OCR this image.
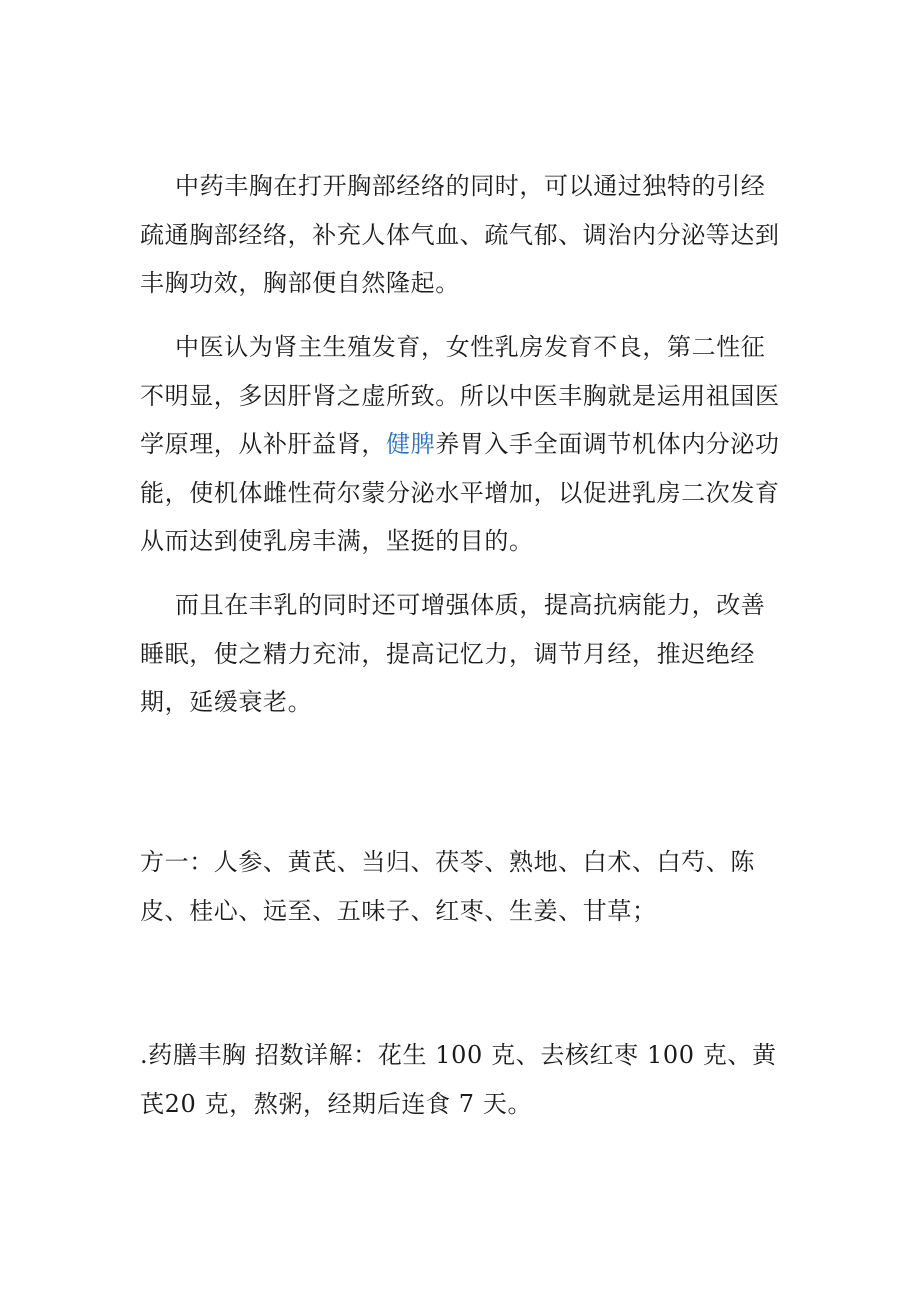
中药丰胸在打开胸部经络的同时，可以通过独特的引经疏通胸部经络，补充人体气血、疏气郁、调治内分泌等达到丰胸功效，胸部便自然隆起。

中医认为肾主生殖发育，女性乳房发育不良，第二性征不明显，多因肝肾之虚所致。所以中医丰胸就是运用祖国医学原理，从补肝益肾，健脾养胃入手全面调节机体内分泌功能，使机体雌性荷尔蒙分泌水平增加，以促进乳房二次发育从而达到使乳房丰满，坚挺的目的。

而且在丰乳的同时还可增强体质，提高抗病能力，改善睡眠，使之精力充沛，提高记忆力，调节月经，推迟绝经期，延缓衰老。

方一：人参、黄芪、当归、茯苓、熟地、白术、白芍、陈皮、桂心、远至、五味子、红枣、生姜、甘草；

.药膳丰胸 招数详解：花生 100 克、去核红枣 100 克、黄芪20 克，熬粥，经期后连食 7 天。
